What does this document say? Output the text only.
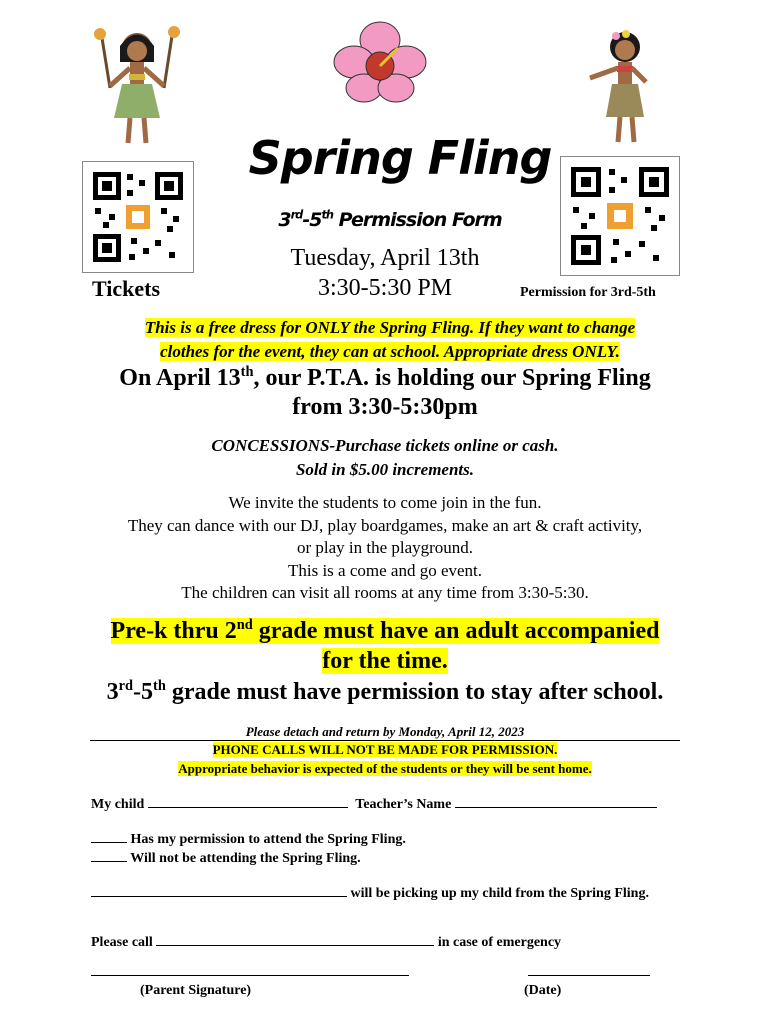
Spring Fling
3rd-5th Permission Form
Tuesday, April 13th
3:30-5:30 PM
Tickets	Permission for 3rd-5th
This is a free dress for ONLY the Spring Fling. If they want to change
clothes for the event, they can at school. Appropriate dress ONLY.
On April 13th, our P.T.A. is holding our Spring Fling
from 3:30-5:30pm
CONCESSIONS-Purchase tickets online or cash.
Sold in $5.00 increments.
We invite the students to come join in the fun.
They can dance with our DJ, play boardgames, make an art & craft activity,
or play in the playground.
This is a come and go event.
The children can visit all rooms at any time from 3:30-5:30.
Pre-k thru 2nd grade must have an adult accompanied
for the time.
3rd-5th grade must have permission to stay after school.
Please detach and return by Monday, April 12, 2023
PHONE CALLS WILL NOT BE MADE FOR PERMISSION.
Appropriate behavior is expected of the students or they will be sent home.
My child	Teacher’s Name
Has my permission to attend the Spring Fling.
Will not be attending the Spring Fling.
will be picking up my child from the Spring Fling.
Please call	in case of emergency
(Parent Signature)	(Date)
